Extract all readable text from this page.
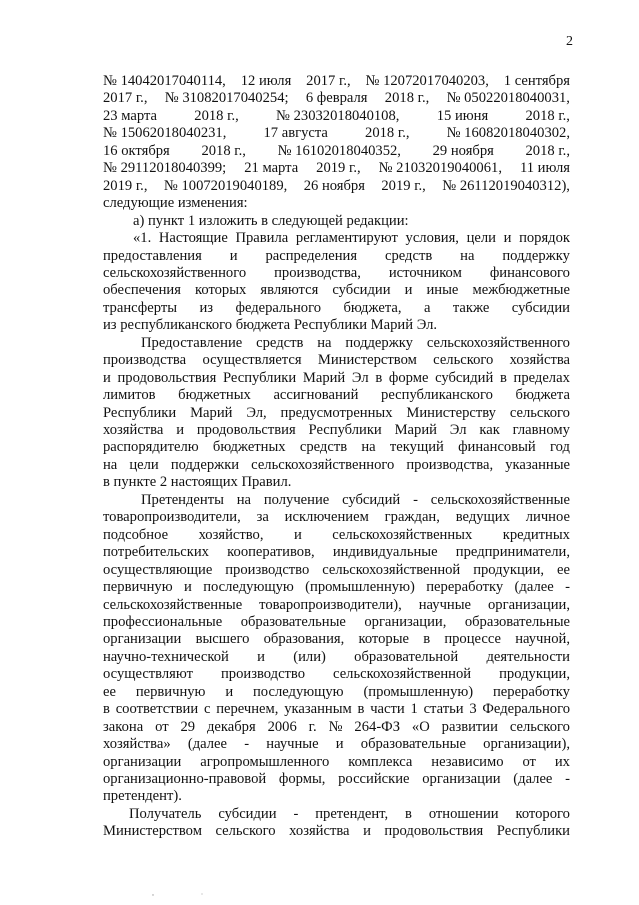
2
№ 14042017040114, 12 июля 2017 г., № 12072017040203, 1 сентября
2017 г., № 31082017040254; 6 февраля 2018 г., № 05022018040031,
23 марта	2018 г.,	№ 23032018040108,	15 июня	2018 г.,
№ 15062018040231,	17 августа	2018 г.,	№ 16082018040302,
16 октября 2018 г., № 16102018040352, 29 ноября 2018 г.,
№ 29112018040399; 21 марта 2019 г., № 21032019040061, 11 июля
2019 г., № 10072019040189, 26 ноября 2019 г., № 26112019040312),
следующие изменения:
а) пункт 1 изложить в следующей редакции:
«1. Настоящие Правила регламентируют условия, цели и порядок
предоставления и распределения средств на поддержку
сельскохозяйственного производства, источником финансового
обеспечения которых являются субсидии и иные межбюджетные
трансферты из федерального бюджета, а также субсидии
из республиканского бюджета Республики Марий Эл.
Предоставление средств на поддержку сельскохозяйственного
производства осуществляется Министерством сельского хозяйства
и продовольствия Республики Марий Эл в форме субсидий в пределах
лимитов бюджетных ассигнований республиканского бюджета
Республики Марий Эл, предусмотренных Министерству сельского
хозяйства и продовольствия Республики Марий Эл как главному
распорядителю бюджетных средств на текущий финансовый год
на цели поддержки сельскохозяйственного производства, указанные
в пункте 2 настоящих Правил.
Претенденты на получение субсидий - сельскохозяйственные
товаропроизводители, за исключением граждан, ведущих личное
подсобное хозяйство, и сельскохозяйственных кредитных
потребительских кооперативов, индивидуальные предприниматели,
осуществляющие производство сельскохозяйственной продукции, ее
первичную и последующую (промышленную) переработку (далее -
сельскохозяйственные товаропроизводители), научные организации,
профессиональные образовательные организации, образовательные
организации высшего образования, которые в процессе научной,
научно-технической и (или) образовательной деятельности
осуществляют производство сельскохозяйственной продукции,
ее первичную и последующую (промышленную) переработку
в соответствии с перечнем, указанным в части 1 статьи 3 Федерального
закона от 29 декабря 2006 г. № 264-ФЗ «О развитии сельского
хозяйства» (далее - научные и образовательные организации),
организации агропромышленного комплекса независимо от их
организационно-правовой формы, российские организации (далее -
претендент).
Получатель субсидии - претендент, в отношении которого
Министерством сельского хозяйства и продовольствия Республики
